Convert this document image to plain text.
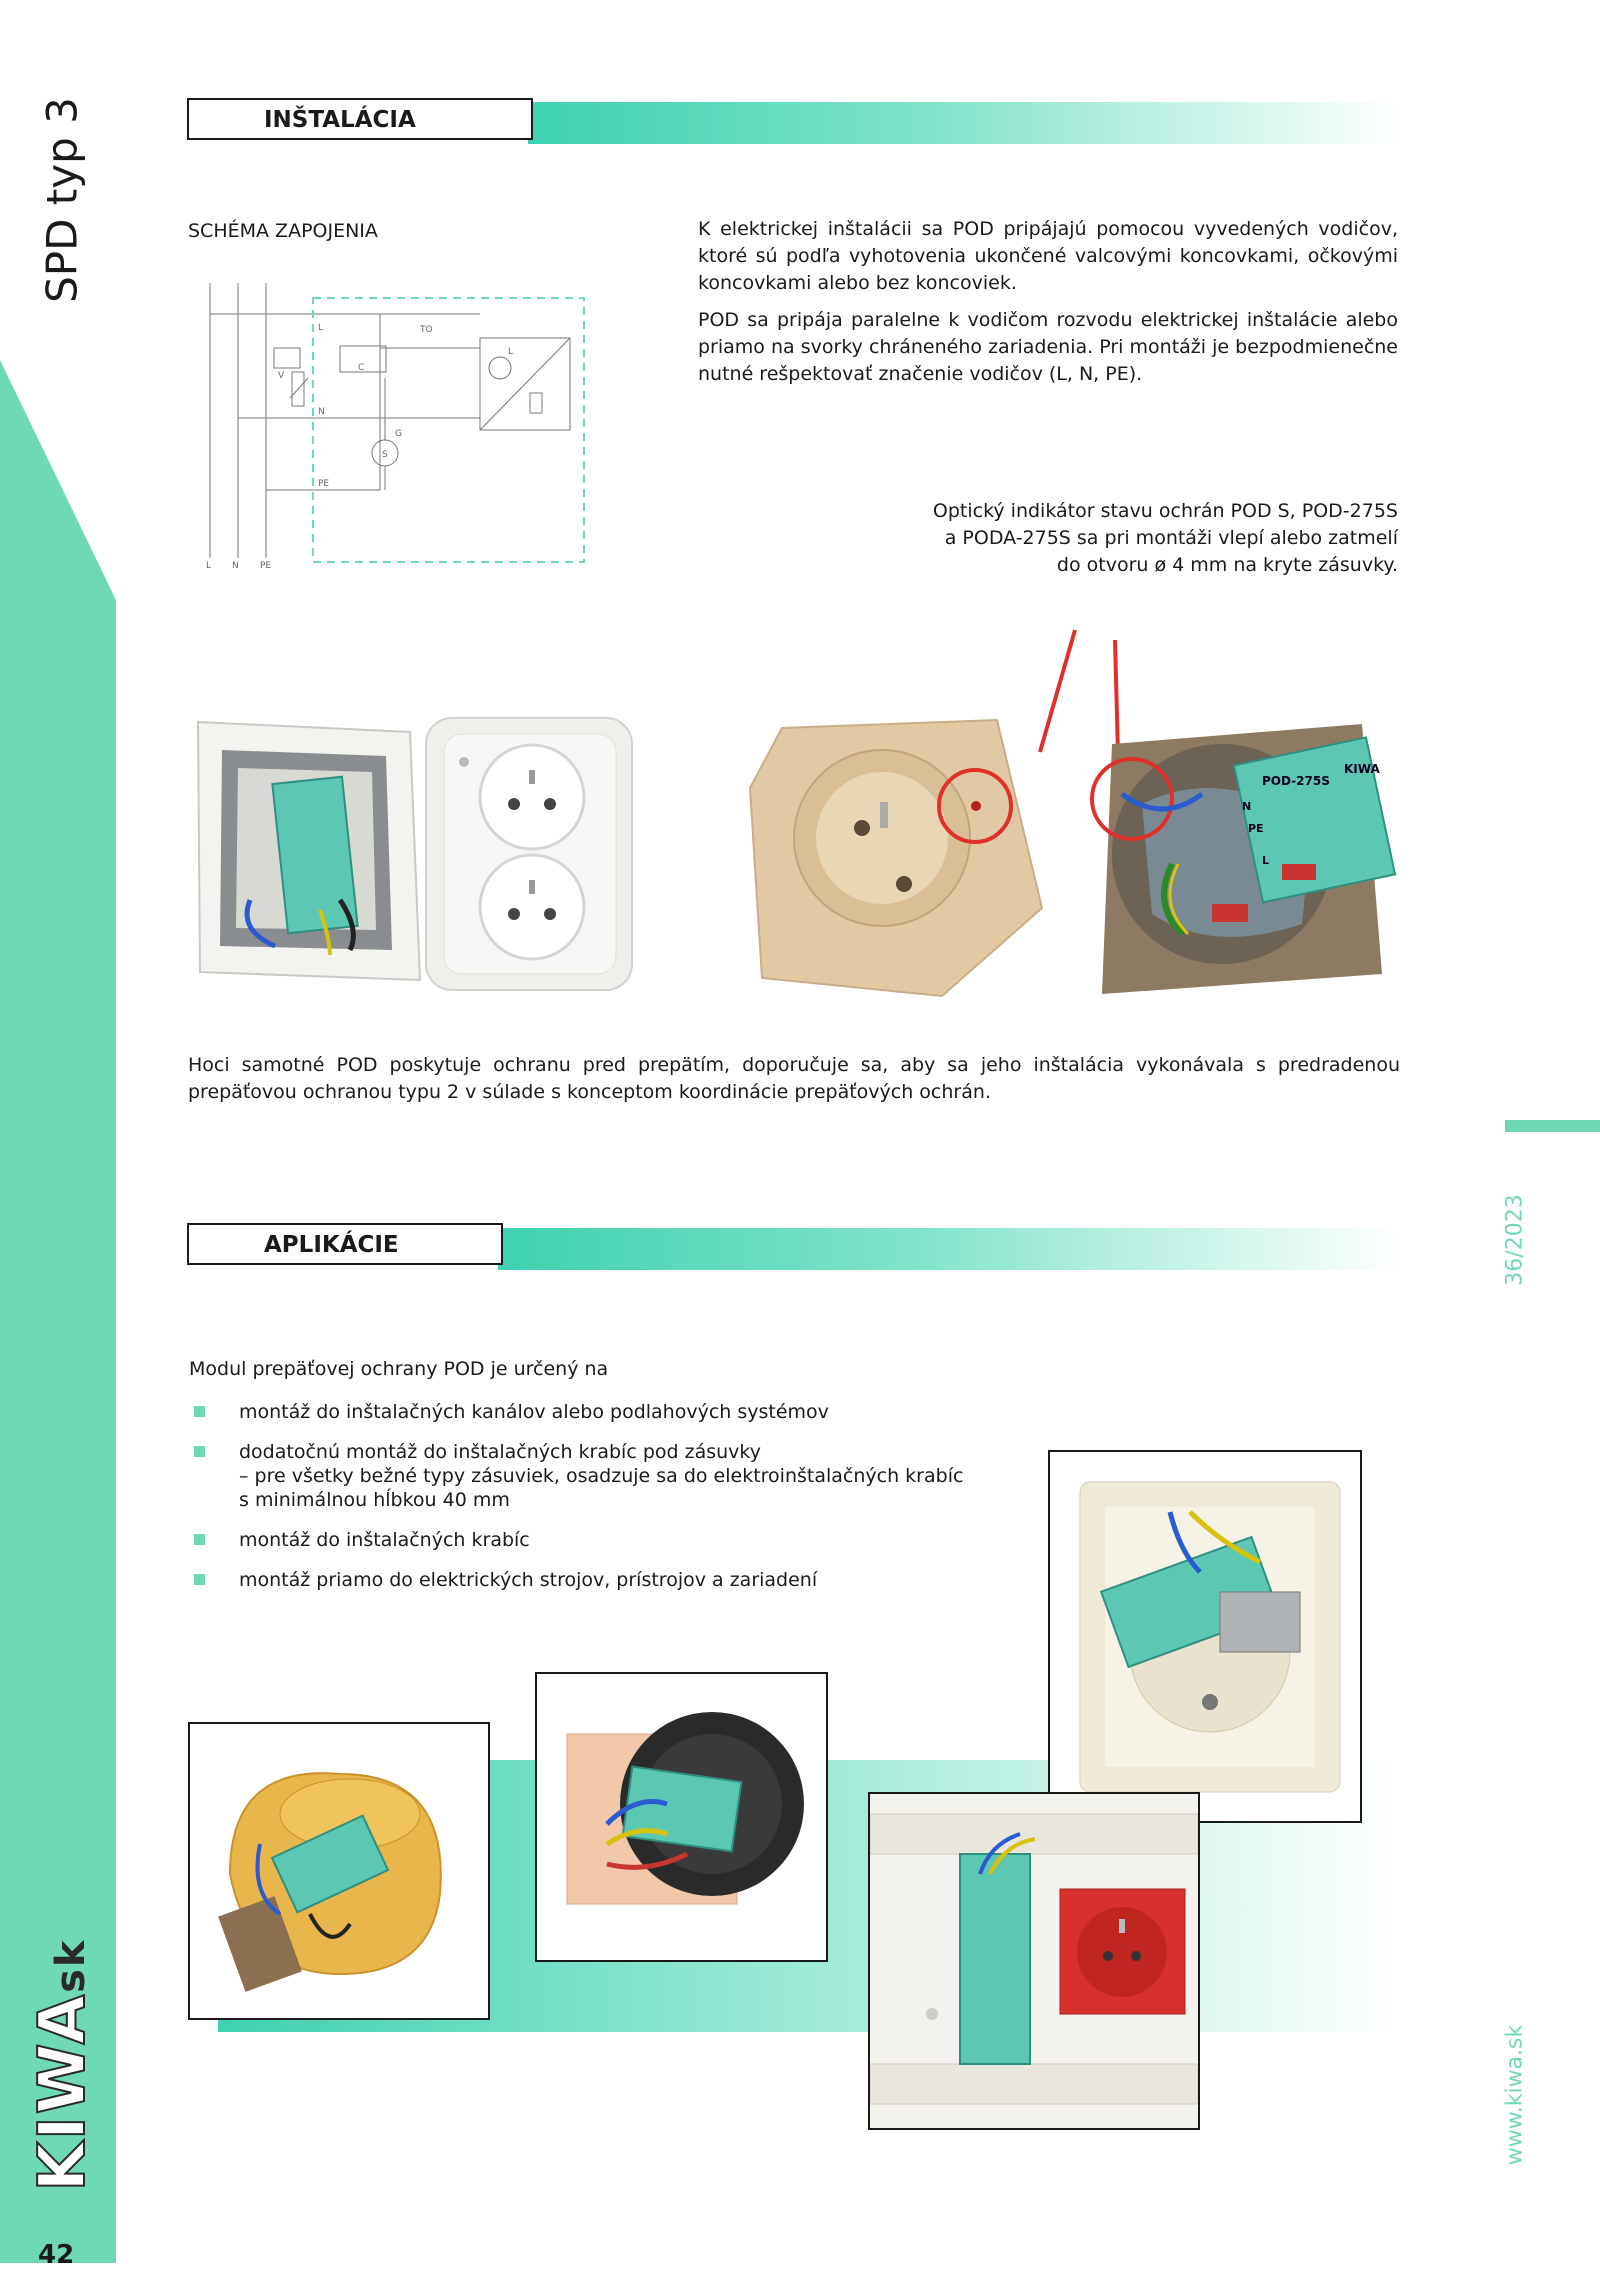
SPD typ 3
KIWAsk
42
36/2023
www.kiwa.sk
INŠTALÁCIA
SCHÉMA ZAPOJENIA
L
N
PE
TO
C
V
G
S
L
L N PE
K elektrickej inštalácii sa POD pripájajú pomocou vyvedených vodičov, ktoré sú podľa vyhotovenia ukončené valcovými koncovkami, očkovými koncovkami alebo bez koncoviek.
POD sa pripája paralelne k vodičom rozvodu elektrickej inštalácie alebo priamo na svorky chráneného zariadenia. Pri montáži je bezpodmienečne nutné rešpektovať značenie vodičov (L, N, PE).
Optický indikátor stavu ochrán POD S, POD-275S
a PODA-275S sa pri montáži vlepí alebo zatmelí
do otvoru ø 4 mm na kryte zásuvky.
POD-275S
KIWA
PE
N
L
Hoci samotné POD poskytuje ochranu pred prepätím, doporučuje sa, aby sa jeho inštalácia vykonávala s predradenou prepäťovou ochranou typu 2 v súlade s konceptom koordinácie prepäťových ochrán.
APLIKÁCIE
Modul prepäťovej ochrany POD je určený na
montáž do inštalačných kanálov alebo podlahových systémov
dodatočnú montáž do inštalačných krabíc pod zásuvky
– pre všetky bežné typy zásuviek, osadzuje sa do elektroinštalačných krabíc
s minimálnou hĺbkou 40 mm
montáž do inštalačných krabíc
montáž priamo do elektrických strojov, prístrojov a zariadení
